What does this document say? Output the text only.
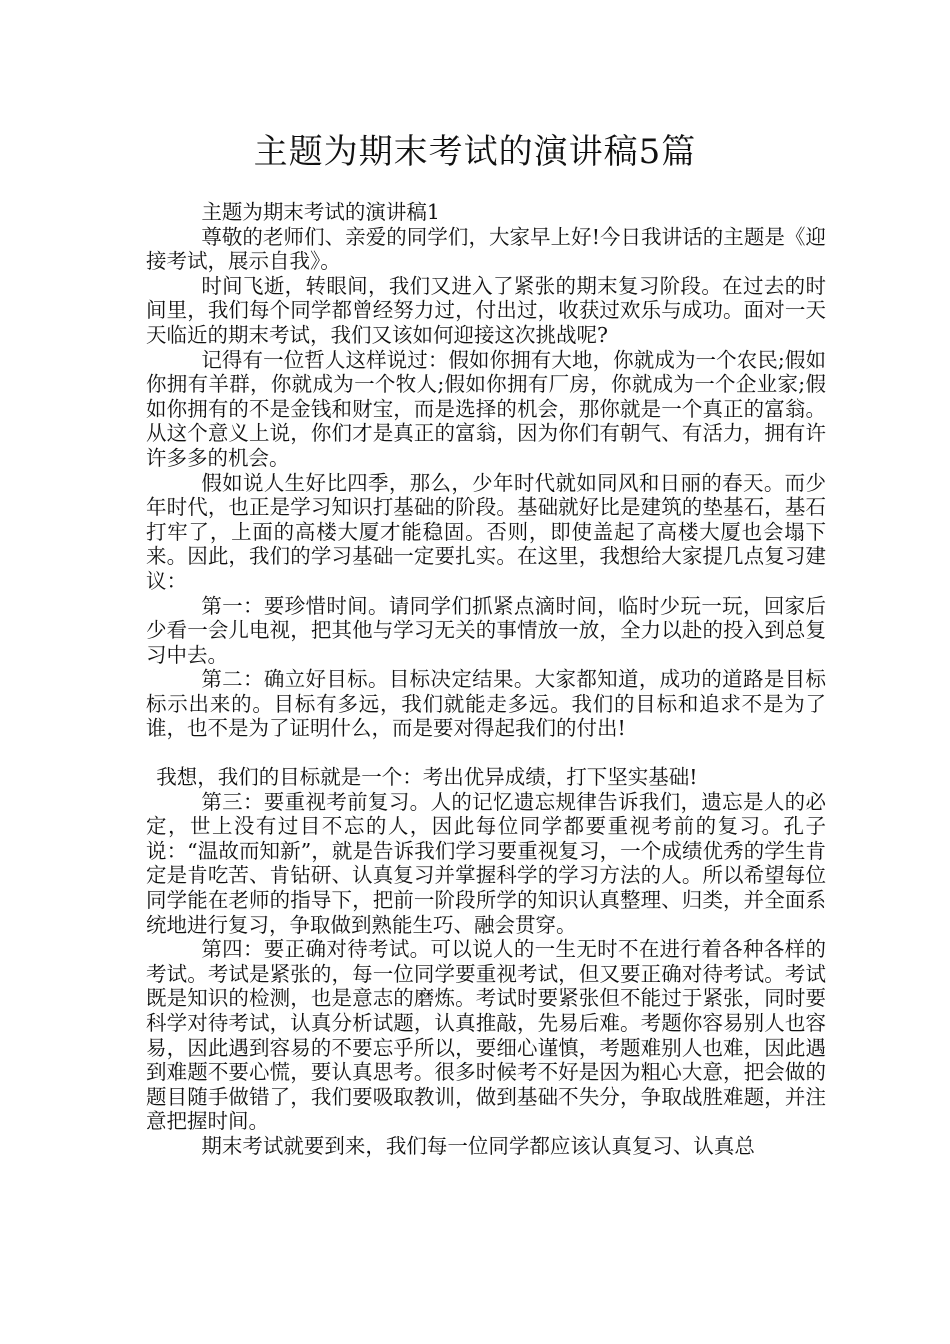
主题为期末考试的演讲稿5篇

主题为期末考试的演讲稿1

尊敬的老师们、亲爱的同学们，大家早上好!今日我讲话的主题是《迎接考试，展示自我》。

时间飞逝，转眼间，我们又进入了紧张的期末复习阶段。在过去的时间里，我们每个同学都曾经努力过，付出过，收获过欢乐与成功。面对一天天临近的期末考试，我们又该如何迎接这次挑战呢?

记得有一位哲人这样说过：假如你拥有大地，你就成为一个农民;假如你拥有羊群，你就成为一个牧人;假如你拥有厂房，你就成为一个企业家;假如你拥有的不是金钱和财宝，而是选择的机会，那你就是一个真正的富翁。从这个意义上说，你们才是真正的富翁，因为你们有朝气、有活力，拥有许许多多的机会。

假如说人生好比四季，那么，少年时代就如同风和日丽的春天。而少年时代，也正是学习知识打基础的阶段。基础就好比是建筑的垫基石，基石打牢了，上面的高楼大厦才能稳固。否则，即使盖起了高楼大厦也会塌下来。因此，我们的学习基础一定要扎实。在这里，我想给大家提几点复习建议：

第一：要珍惜时间。请同学们抓紧点滴时间，临时少玩一玩，回家后少看一会儿电视，把其他与学习无关的事情放一放，全力以赴的投入到总复习中去。

第二：确立好目标。目标决定结果。大家都知道，成功的道路是目标标示出来的。目标有多远，我们就能走多远。我们的目标和追求不是为了谁，也不是为了证明什么，而是要对得起我们的付出!

我想，我们的目标就是一个：考出优异成绩，打下坚实基础!

第三：要重视考前复习。人的记忆遗忘规律告诉我们，遗忘是人的必定，世上没有过目不忘的人，因此每位同学都要重视考前的复习。孔子说：“温故而知新”，就是告诉我们学习要重视复习，一个成绩优秀的学生肯定是肯吃苦、肯钻研、认真复习并掌握科学的学习方法的人。所以希望每位同学能在老师的指导下，把前一阶段所学的知识认真整理、归类，并全面系统地进行复习，争取做到熟能生巧、融会贯穿。

第四：要正确对待考试。可以说人的一生无时不在进行着各种各样的考试。考试是紧张的，每一位同学要重视考试，但又要正确对待考试。考试既是知识的检测，也是意志的磨炼。考试时要紧张但不能过于紧张，同时要科学对待考试，认真分析试题，认真推敲，先易后难。考题你容易别人也容易，因此遇到容易的不要忘乎所以，要细心谨慎，考题难别人也难，因此遇到难题不要心慌，要认真思考。很多时候考不好是因为粗心大意，把会做的题目随手做错了，我们要吸取教训，做到基础不失分，争取战胜难题，并注意把握时间。

期末考试就要到来，我们每一位同学都应该认真复习、认真总
